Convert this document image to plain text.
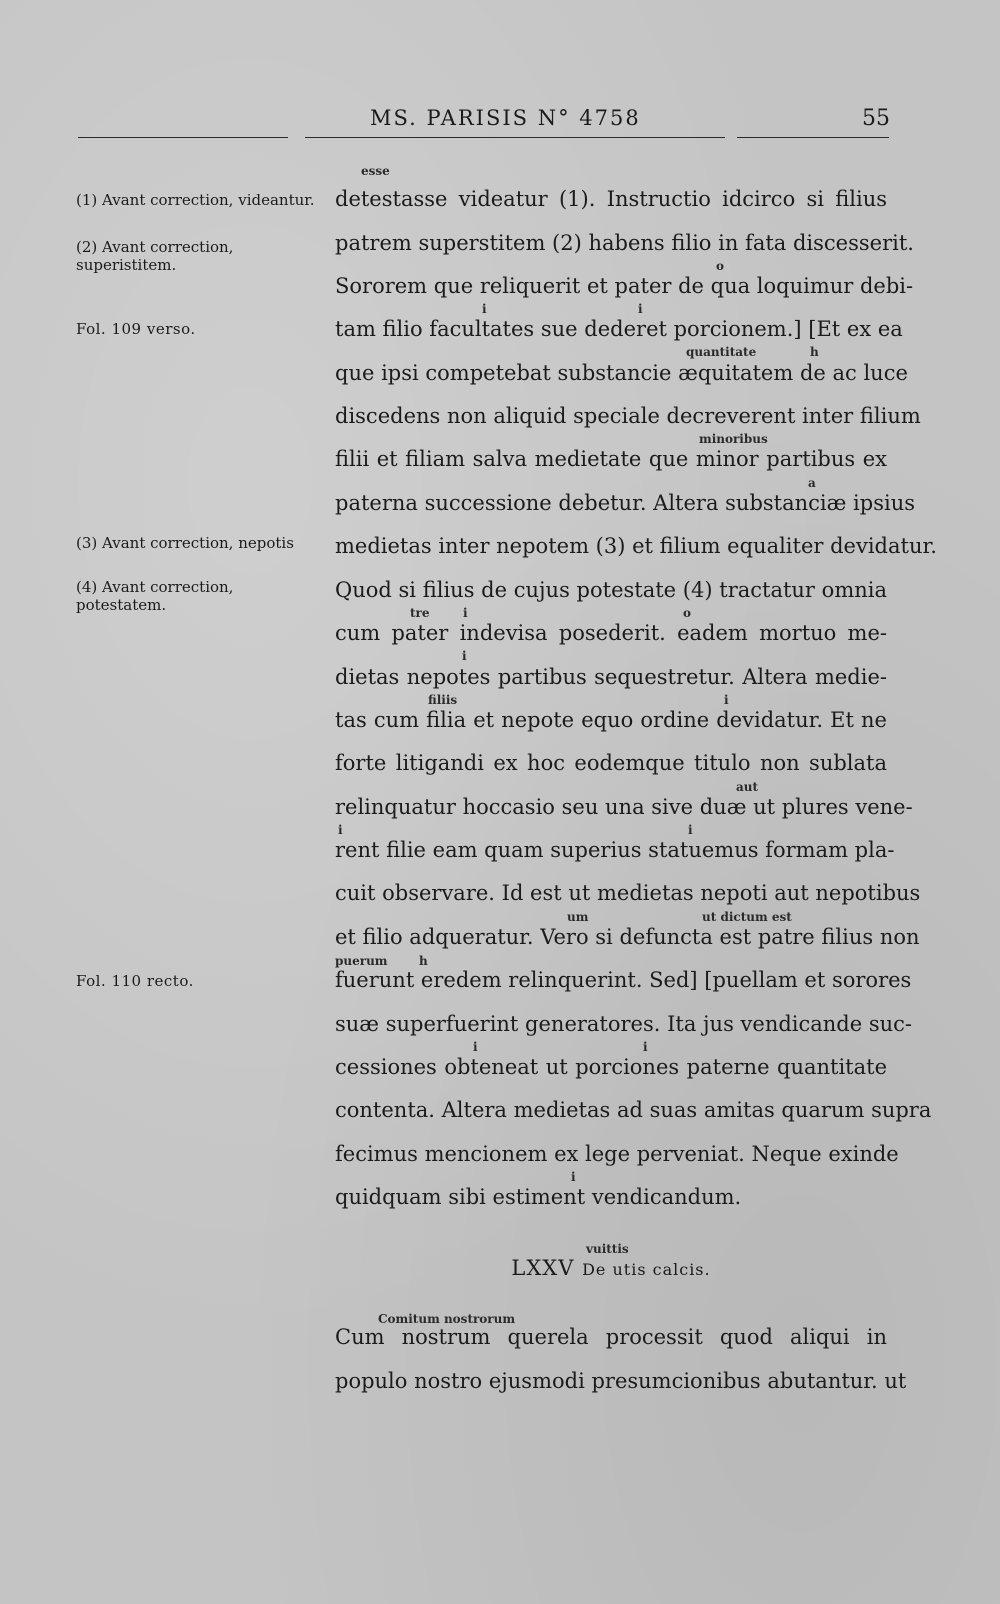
MS. PARISIS N° 4758	55
(1) Avant correction, videantur.
(2) Avant correction, superistitem.
Fol. 109 verso.
(3) Avant correction, nepotis
(4) Avant correction, potestatem.
Fol. 110 recto.
detestasse videatur (1). Instructio idcirco si filius
patrem superstitem (2) habens filio in fata discesserit.
Sororem que reliquerit et pater de qua loquimur debi-
tam filio facultates sue dederet porcionem.] [Et ex ea
que ipsi competebat substancie æquitatem de ac luce
discedens non aliquid speciale decreverent inter filium
filii et filiam salva medietate que minor partibus ex
paterna successione debetur. Altera substanciæ ipsius
medietas inter nepotem (3) et filium equaliter devidatur.
Quod si filius de cujus potestate (4) tractatur omnia
cum pater indevisa posederit. eadem mortuo me-
dietas nepotes partibus sequestretur. Altera medie-
tas cum filia et nepote equo ordine devidatur. Et ne
forte litigandi ex hoc eodemque titulo non sublata
relinquatur hoccasio seu una sive duæ ut plures vene-
rent filie eam quam superius statuemus formam pla-
cuit observare. Id est ut medietas nepoti aut nepotibus
et filio adqueratur. Vero si defuncta est patre filius non
fuerunt eredem relinquerint. Sed] [puellam et sorores
suæ superfuerint generatores. Ita jus vendicande suc-
cessiones obteneat ut porciones paterne quantitate
contenta. Altera medietas ad suas amitas quarum supra
fecimus mencionem ex lege perveniat. Neque exinde
quidquam sibi estiment vendicandum.
esse
o
i	i
quantitate	h
minoribus
a
tre	i	o
i
filiis	i
aut
i	i
um	ut dictum est
puerum	h
i	i
i
vuittis
LXXV De utis calcis.
Comitum nostrorum
Cum nostrum querela processit quod aliqui in
populo nostro ejusmodi presumcionibus abutantur. ut
